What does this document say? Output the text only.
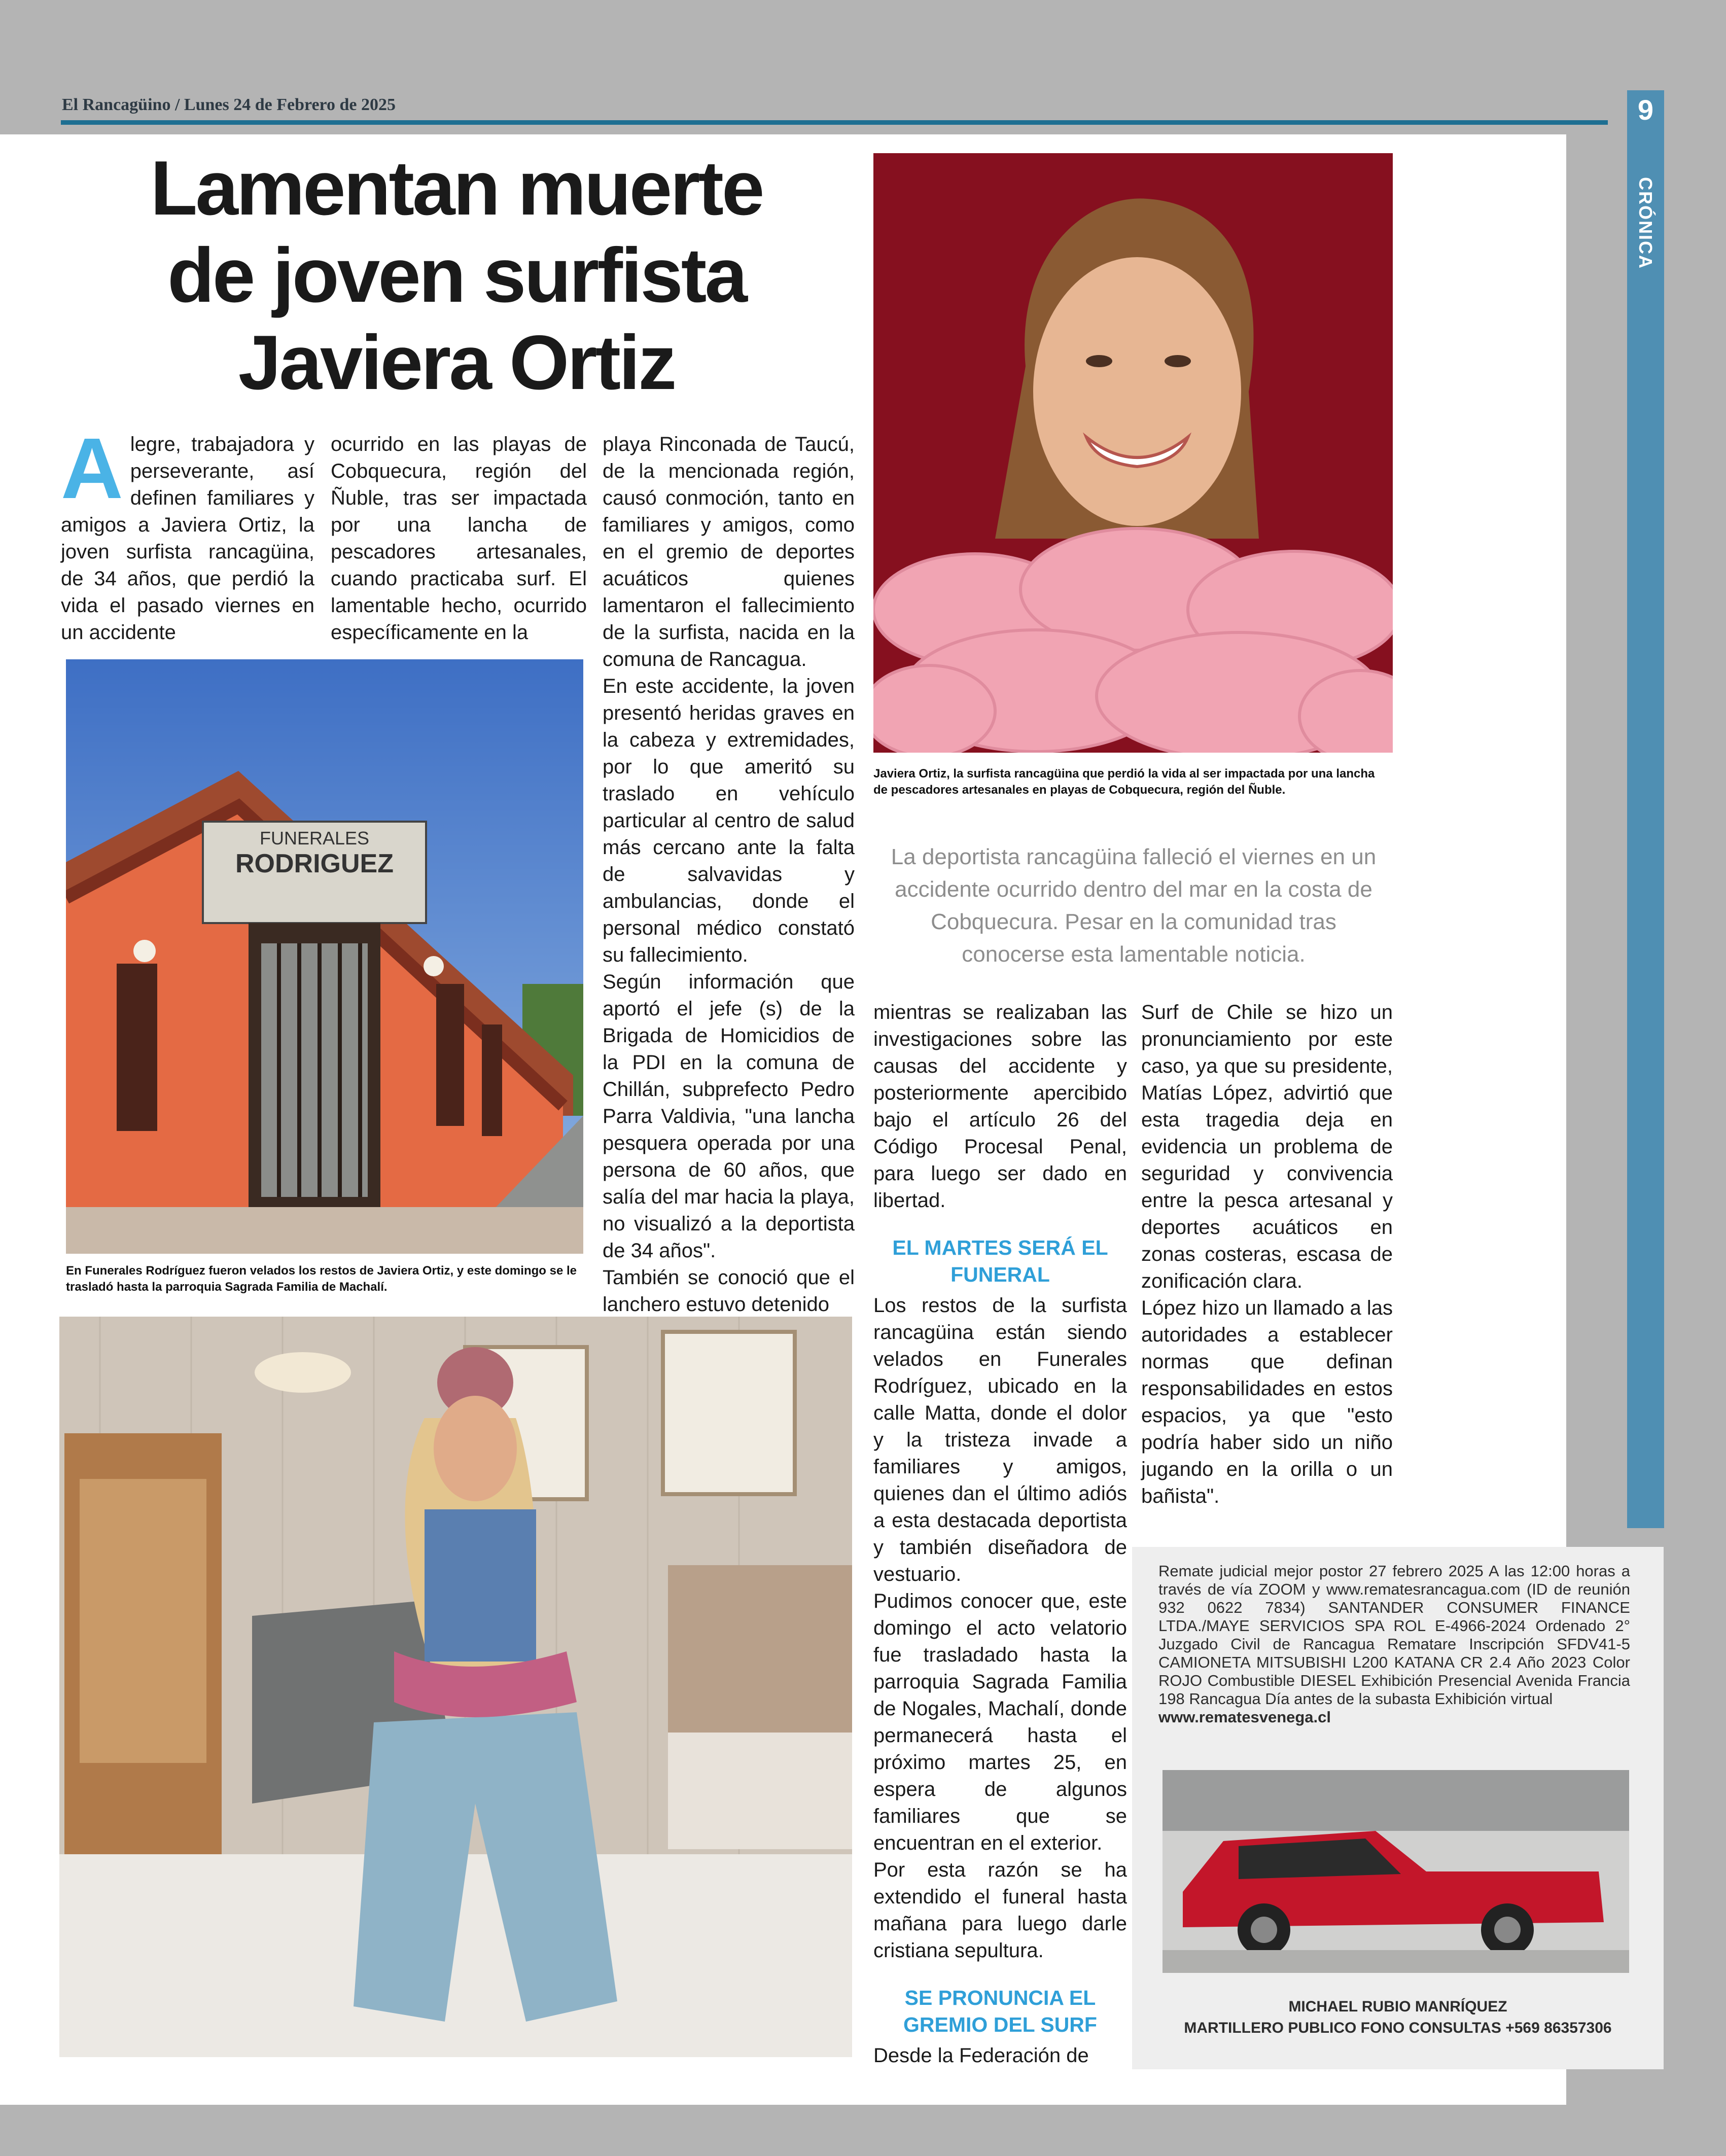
El Rancagüino / Lunes 24 de Febrero de 2025	9
CRÓNICA
Lamentan muerte
de joven surfista
Javiera Ortiz
Alegre, trabajadora y perseverante, así definen familiares y amigos a Javiera Ortiz, la joven surfista rancagüina, de 34 años, que perdió la vida el pasado viernes en un accidente

ocurrido en las playas de Cobquecura, región del Ñuble, tras ser impactada por una lancha de pescadores artesanales, cuando practicaba surf. El lamentable hecho, ocurrido específicamente en la

playa Rinconada de Taucú, de la mencionada región, causó conmoción, tanto en familiares y amigos, como en el gremio de deportes acuáticos quienes lamentaron el fallecimiento de la surfista, nacida en la comuna de Rancagua.

En este accidente, la joven presentó heridas graves en la cabeza y extremidades, por lo que ameritó su traslado en vehículo particular al centro de salud más cercano ante la falta de salvavidas y ambulancias, donde el personal médico constató su fallecimiento.

Según información que aportó el jefe (s) de la Brigada de Homicidios de la PDI en la comuna de Chillán, subprefecto Pedro Parra Valdivia, "una lancha pesquera operada por una persona de 60 años, que salía del mar hacia la playa, no visualizó a la deportista de 34 años".

También se conoció que el lanchero estuvo detenido

FUNERALES
RODRIGUEZ
En Funerales Rodríguez fueron velados los restos de Javiera Ortiz, y este domingo se le trasladó hasta la parroquia Sagrada Familia de Machalí.
Javiera Ortiz, la surfista rancagüina que perdió la vida al ser impactada por una lancha de pescadores artesanales en playas de Cobquecura, región del Ñuble.
La deportista rancagüina falleció el viernes en un accidente ocurrido dentro del mar en la costa de Cobquecura. Pesar en la comunidad tras conocerse esta lamentable noticia.

mientras se realizaban las investigaciones sobre las causas del accidente y posteriormente apercibido bajo el artículo 26 del Código Procesal Penal, para luego ser dado en libertad.

EL MARTES SERÁ EL FUNERAL

Los restos de la surfista rancagüina están siendo velados en Funerales Rodríguez, ubicado en la calle Matta, donde el dolor y la tristeza invade a familiares y amigos, quienes dan el último adiós a esta destacada deportista y también diseñadora de vestuario.

Pudimos conocer que, este domingo el acto velatorio fue trasladado hasta la parroquia Sagrada Familia de Nogales, Machalí, donde permanecerá hasta el próximo martes 25, en espera de algunos familiares que se encuentran en el exterior.

Por esta razón se ha extendido el funeral hasta mañana para luego darle cristiana sepultura.

SE PRONUNCIA EL GREMIO DEL SURF

Desde la Federación de

Surf de Chile se hizo un pronunciamiento por este caso, ya que su presidente, Matías López, advirtió que esta tragedia deja en evidencia un problema de seguridad y convivencia entre la pesca artesanal y deportes acuáticos en zonas costeras, escasa de zonificación clara.

López hizo un llamado a las autoridades a establecer normas que definan responsabilidades en estos espacios, ya que "esto podría haber sido un niño jugando en la orilla o un bañista".

Remate judicial mejor postor 27 febrero 2025 A las 12:00 horas a través de vía ZOOM y www.rematesrancagua.com (ID de reunión 932 0622 7834) SANTANDER CONSUMER FINANCE LTDA./MAYE SERVICIOS SPA ROL E-4966-2024 Ordenado 2° Juzgado Civil de Rancagua Rematare Inscripción SFDV41-5 CAMIONETA MITSUBISHI L200 KATANA CR 2.4 Año 2023 Color ROJO Combustible DIESEL Exhibición Presencial Avenida Francia 198 Rancagua Día antes de la subasta Exhibición virtual

www.rematesvenega.cl

MICHAEL RUBIO MANRÍQUEZ
MARTILLERO PUBLICO FONO CONSULTAS +569 86357306
